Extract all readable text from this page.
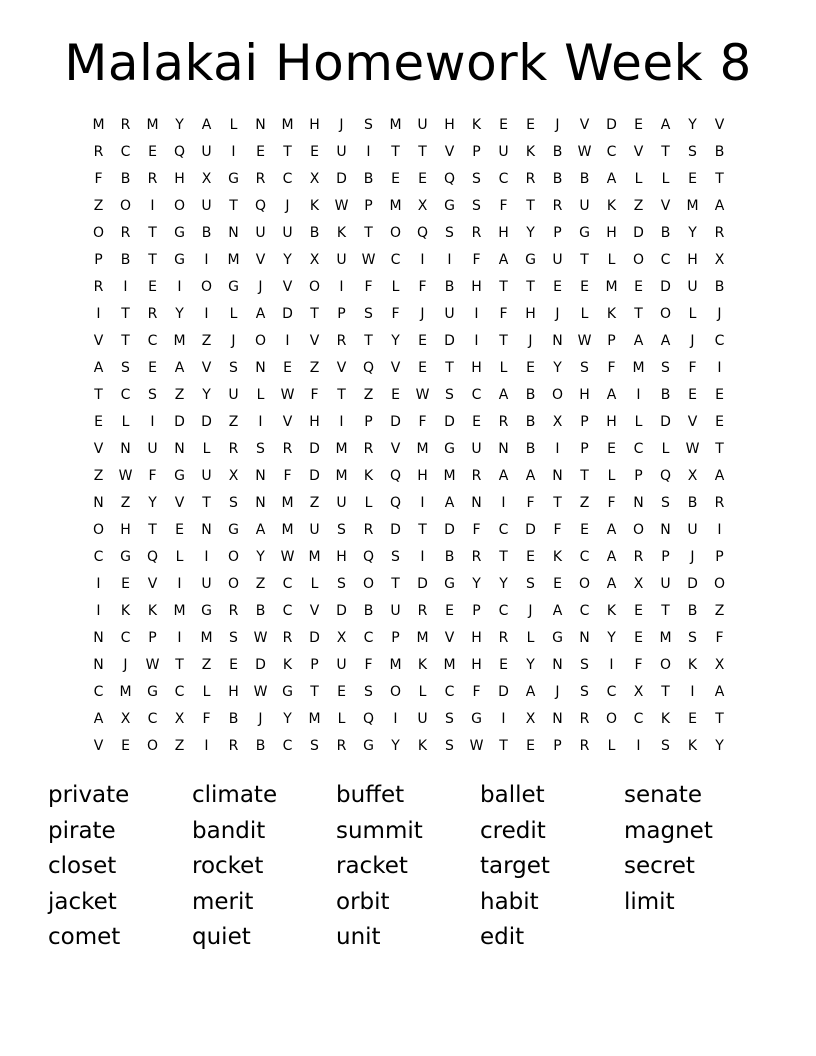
Malakai Homework Week 8
M	R	M	Y	A	L	N	M	H	J	S	M	U	H	K	E	E	J	V	D	E	A	Y	V
R	C	E	Q	U	I	E	T	E	U	I	T	T	V	P	U	K	B	W	C	V	T	S	B
F	B	R	H	X	G	R	C	X	D	B	E	E	Q	S	C	R	B	B	A	L	L	E	T
Z	O	I	O	U	T	Q	J	K	W	P	M	X	G	S	F	T	R	U	K	Z	V	M	A
O	R	T	G	B	N	U	U	B	K	T	O	Q	S	R	H	Y	P	G	H	D	B	Y	R
P	B	T	G	I	M	V	Y	X	U	W	C	I	I	F	A	G	U	T	L	O	C	H	X
R	I	E	I	O	G	J	V	O	I	F	L	F	B	H	T	T	E	E	M	E	D	U	B
I	T	R	Y	I	L	A	D	T	P	S	F	J	U	I	F	H	J	L	K	T	O	L	J
V	T	C	M	Z	J	O	I	V	R	T	Y	E	D	I	T	J	N	W	P	A	A	J	C
A	S	E	A	V	S	N	E	Z	V	Q	V	E	T	H	L	E	Y	S	F	M	S	F	I
T	C	S	Z	Y	U	L	W	F	T	Z	E	W	S	C	A	B	O	H	A	I	B	E	E
E	L	I	D	D	Z	I	V	H	I	P	D	F	D	E	R	B	X	P	H	L	D	V	E
V	N	U	N	L	R	S	R	D	M	R	V	M	G	U	N	B	I	P	E	C	L	W	T
Z	W	F	G	U	X	N	F	D	M	K	Q	H	M	R	A	A	N	T	L	P	Q	X	A
N	Z	Y	V	T	S	N	M	Z	U	L	Q	I	A	N	I	F	T	Z	F	N	S	B	R
O	H	T	E	N	G	A	M	U	S	R	D	T	D	F	C	D	F	E	A	O	N	U	I
C	G	Q	L	I	O	Y	W	M	H	Q	S	I	B	R	T	E	K	C	A	R	P	J	P
I	E	V	I	U	O	Z	C	L	S	O	T	D	G	Y	Y	S	E	O	A	X	U	D	O
I	K	K	M	G	R	B	C	V	D	B	U	R	E	P	C	J	A	C	K	E	T	B	Z
N	C	P	I	M	S	W	R	D	X	C	P	M	V	H	R	L	G	N	Y	E	M	S	F
N	J	W	T	Z	E	D	K	P	U	F	M	K	M	H	E	Y	N	S	I	F	O	K	X
C	M	G	C	L	H	W	G	T	E	S	O	L	C	F	D	A	J	S	C	X	T	I	A
A	X	C	X	F	B	J	Y	M	L	Q	I	U	S	G	I	X	N	R	O	C	K	E	T
V	E	O	Z	I	R	B	C	S	R	G	Y	K	S	W	T	E	P	R	L	I	S	K	Y
private
pirate
closet
jacket
comet
climate
bandit
rocket
merit
quiet
buffet
summit
racket
orbit
unit
ballet
credit
target
habit
edit
senate
magnet
secret
limit
